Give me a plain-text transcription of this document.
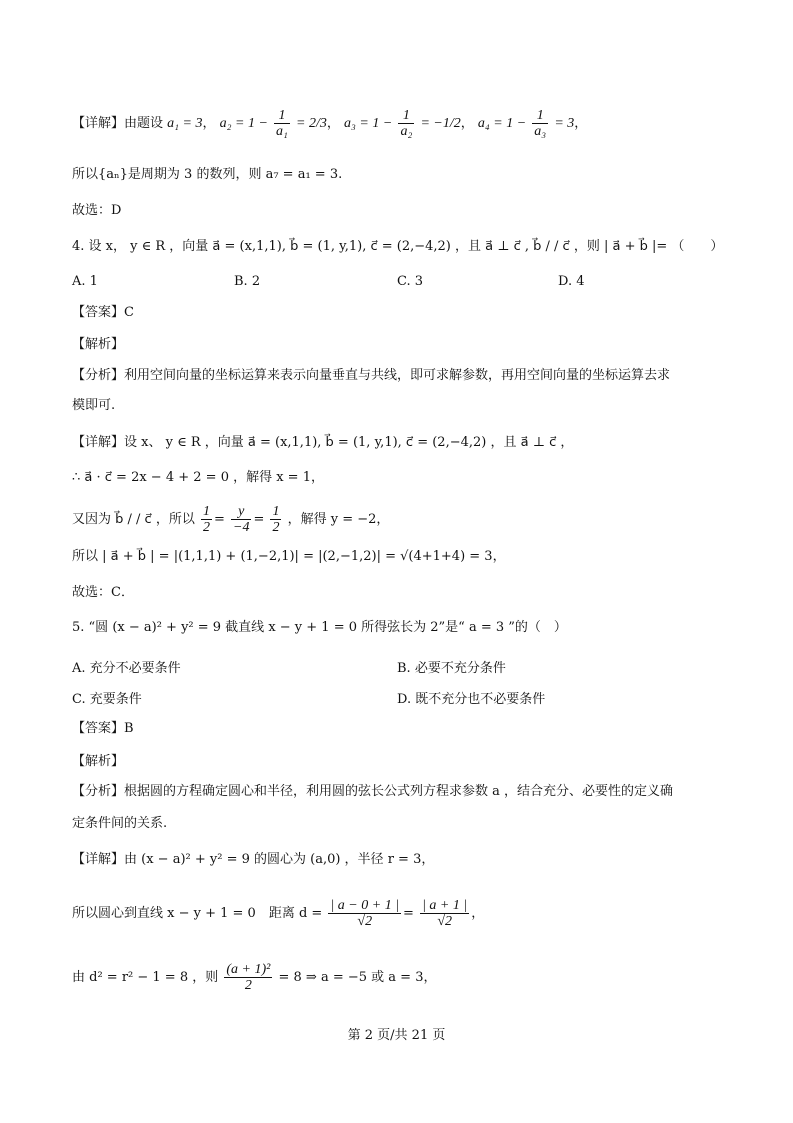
【详解】由题设 a₁ = 3， $a_2 = 1 - \frac{1}{\text{a₁}} = 2/3$， $a_3 = 1 - \frac{1}{\text{a₂}} = -1/2$， $a_4 = 1 - \frac{1}{\text{a₃}} = 3$，
所以{aₙ}是周期为 3 的数列，则 a₇ = a₁ = 3.
故选：D
4. 设 x， y ∈ R ，向量 a⃗ = (x,1,1), b⃗ = (1, y,1), c⃗ = (2,−4,2) ，且 a⃗ ⊥ c⃗ , b⃗ / / c⃗ ，则 | a⃗ + b⃗ |= （　　）
A. 1	B. 2	C. 3	D. 4
【答案】C
【解析】
【分析】利用空间向量的坐标运算来表示向量垂直与共线，即可求解参数，再用空间向量的坐标运算去求
模即可.
【详解】设 x、 y ∈ R ，向量 a⃗ = (x,1,1), b⃗ = (1, y,1), c⃗ = (2,−4,2) ，且 a⃗ ⊥ c⃗ ，
∴ a⃗ · c⃗ = 2x − 4 + 2 = 0 ，解得 x = 1，
又因为 b⃗ / / c⃗ ，所以 $\frac{1}{2} = \frac{y}{-4} = \frac{1}{2}$ ，解得 y = −2，
所以 | a⃗ + b⃗ | = |(1,1,1) + (1,−2,1)| = |(2,−1,2)| = √(4+1+4) = 3，
故选：C．
5. “圆 (x − a)² + y² = 9 截直线 x − y + 1 = 0 所得弦长为 2”是“ a = 3 ”的（　）
A. 充分不必要条件	B. 必要不充分条件
C. 充要条件	D. 既不充分也不必要条件
【答案】B
【解析】
【分析】根据圆的方程确定圆心和半径，利用圆的弦长公式列方程求参数 a ，结合充分、必要性的定义确
定条件间的关系.
【详解】由 (x − a)² + y² = 9 的圆心为 (a,0) ，半径 r = 3，
所以圆心到直线 x − y + 1 = 0　距离 $d = \frac{| a - 0 + 1 |}{√2} = \frac{| a + 1 |}{√2}$ ，
由 d² = r² − 1 = 8 ，则 $\frac{\text{(a + 1)²}}{2} = 8$ ⇒ a = −5 或 a = 3，
第 2 页/共 21 页
